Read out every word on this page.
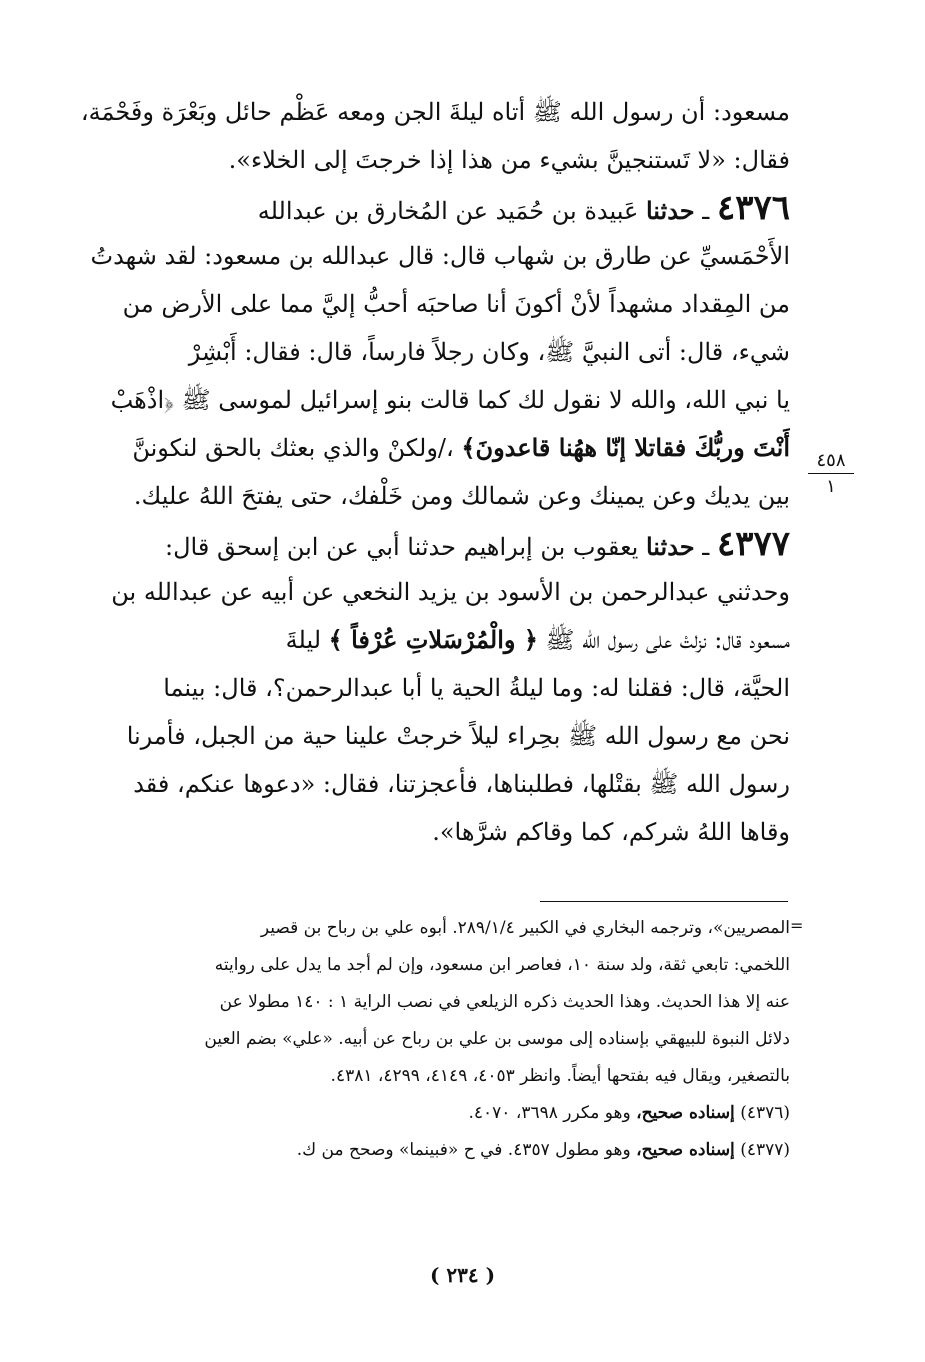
مسعود: أن رسول الله ﷺ أتاه ليلةَ الجن ومعه عَظْم حائل وبَعْرَة وفَحْمَة،
فقال: «لا تَستنجينَّ بشيء من هذا إذا خرجتَ إلى الخلاء».
٤٣٧٦ ـ حدثنا عَبيدة بن حُمَيد عن المُخارق بن عبدالله
الأَحْمَسيِّ عن طارق بن شهاب قال: قال عبدالله بن مسعود: لقد شهدتُ
من المِقداد مشهداً لأنْ أكونَ أنا صاحبَه أحبُّ إليَّ مما على الأرض من
شيء، قال: أتى النبيَّ ﷺ، وكان رجلاً فارساً، قال: فقال: أَبْشِرْ
يا نبي الله، والله لا نقول لك كما قالت بنو إسرائيل لموسى ﷺ ﴿اذْهَبْ
أَنْتَ وربُّكَ فقاتلا إنّا ههُنا قاعدونَ﴾ ،/ولكنْ والذي بعثك بالحق لنكوننَّ
بين يديك وعن يمينك وعن شمالك ومن خَلْفك، حتى يفتحَ اللهُ عليك.
٤٣٧٧ ـ حدثنا يعقوب بن إبراهيم حدثنا أبي عن ابن إسحق قال:
وحدثني عبدالرحمن بن الأسود بن يزيد النخعي عن أبيه عن عبدالله بن
مسعود قال: نزلتْ على رسول الله ﷺ ﴿ والْمُرْسَلاتِ عُرْفاً ﴾ ليلةَ
الحيَّة، قال: فقلنا له: وما ليلةُ الحية يا أبا عبدالرحمن؟، قال: بينما
نحن مع رسول الله ﷺ بحِراء ليلاً خرجتْ علينا حية من الجبل، فأمرنا
رسول الله ﷺ بقتْلها، فطلبناها، فأعجزتنا، فقال: «دعوها عنكم، فقد
وقاها اللهُ شركم، كما وقاكم شرَّها».
٤٥٨
١
=
المصريين»، وترجمه البخاري في الكبير ٢٨٩/١/٤. أبوه علي بن رباح بن قصير
اللخمي: تابعي ثقة، ولد سنة ١٠، فعاصر ابن مسعود، وإن لم أجد ما يدل على روايته
عنه إلا هذا الحديث. وهذا الحديث ذكره الزيلعي في نصب الراية ١ : ١٤٠ مطولا عن
دلائل النبوة للبيهقي بإسناده إلى موسى بن علي بن رباح عن أبيه. «علي» بضم العين
بالتصغير، ويقال فيه بفتحها أيضاً. وانظر ٤٠٥٣، ٤١٤٩، ٤٢٩٩، ٤٣٨١.
(٤٣٧٦) إسناده صحيح، وهو مكرر ٣٦٩٨، ٤٠٧٠.
(٤٣٧٧) إسناده صحيح، وهو مطول ٤٣٥٧. في ح «فبينما» وصحح من ك.
( ٢٣٤ )
